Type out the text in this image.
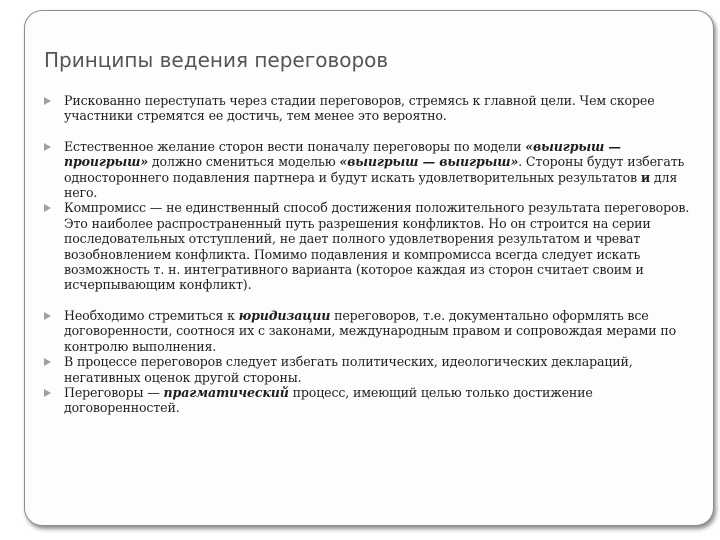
Принципы ведения переговоров
Рискованно переступать через стадии переговоров, стремясь к главной цели. Чем скорее участники стремятся ее достичь, тем менее это вероятно.
Естественное желание сторон вести поначалу переговоры по модели «выигрыш — проигрыш» должно смениться моделью «выигрыш — выигрыш». Стороны будут избегать одностороннего подавления партнера и будут искать удовлетворительных результатов и для него.
Компромисс — не единственный способ достижения положительного результата переговоров. Это наиболее распространенный путь разрешения конфликтов. Но он строится на серии последовательных отступлений, не дает полного удовлетворения результатом и чреват возобновлением конфликта. Помимо подавления и компромисса всегда следует искать возможность т. н. интегративного варианта (которое каждая из сторон считает своим и исчерпывающим конфликт).
Необходимо стремиться к юридизации переговоров, т.е. документально оформлять все договоренности, соотнося их с законами, международным правом и сопровождая мерами по контролю выполнения.
В процессе переговоров следует избегать политических, идеологических деклараций, негативных оценок другой стороны.
Переговоры — прагматический процесс, имеющий целью только достижение договоренностей.
